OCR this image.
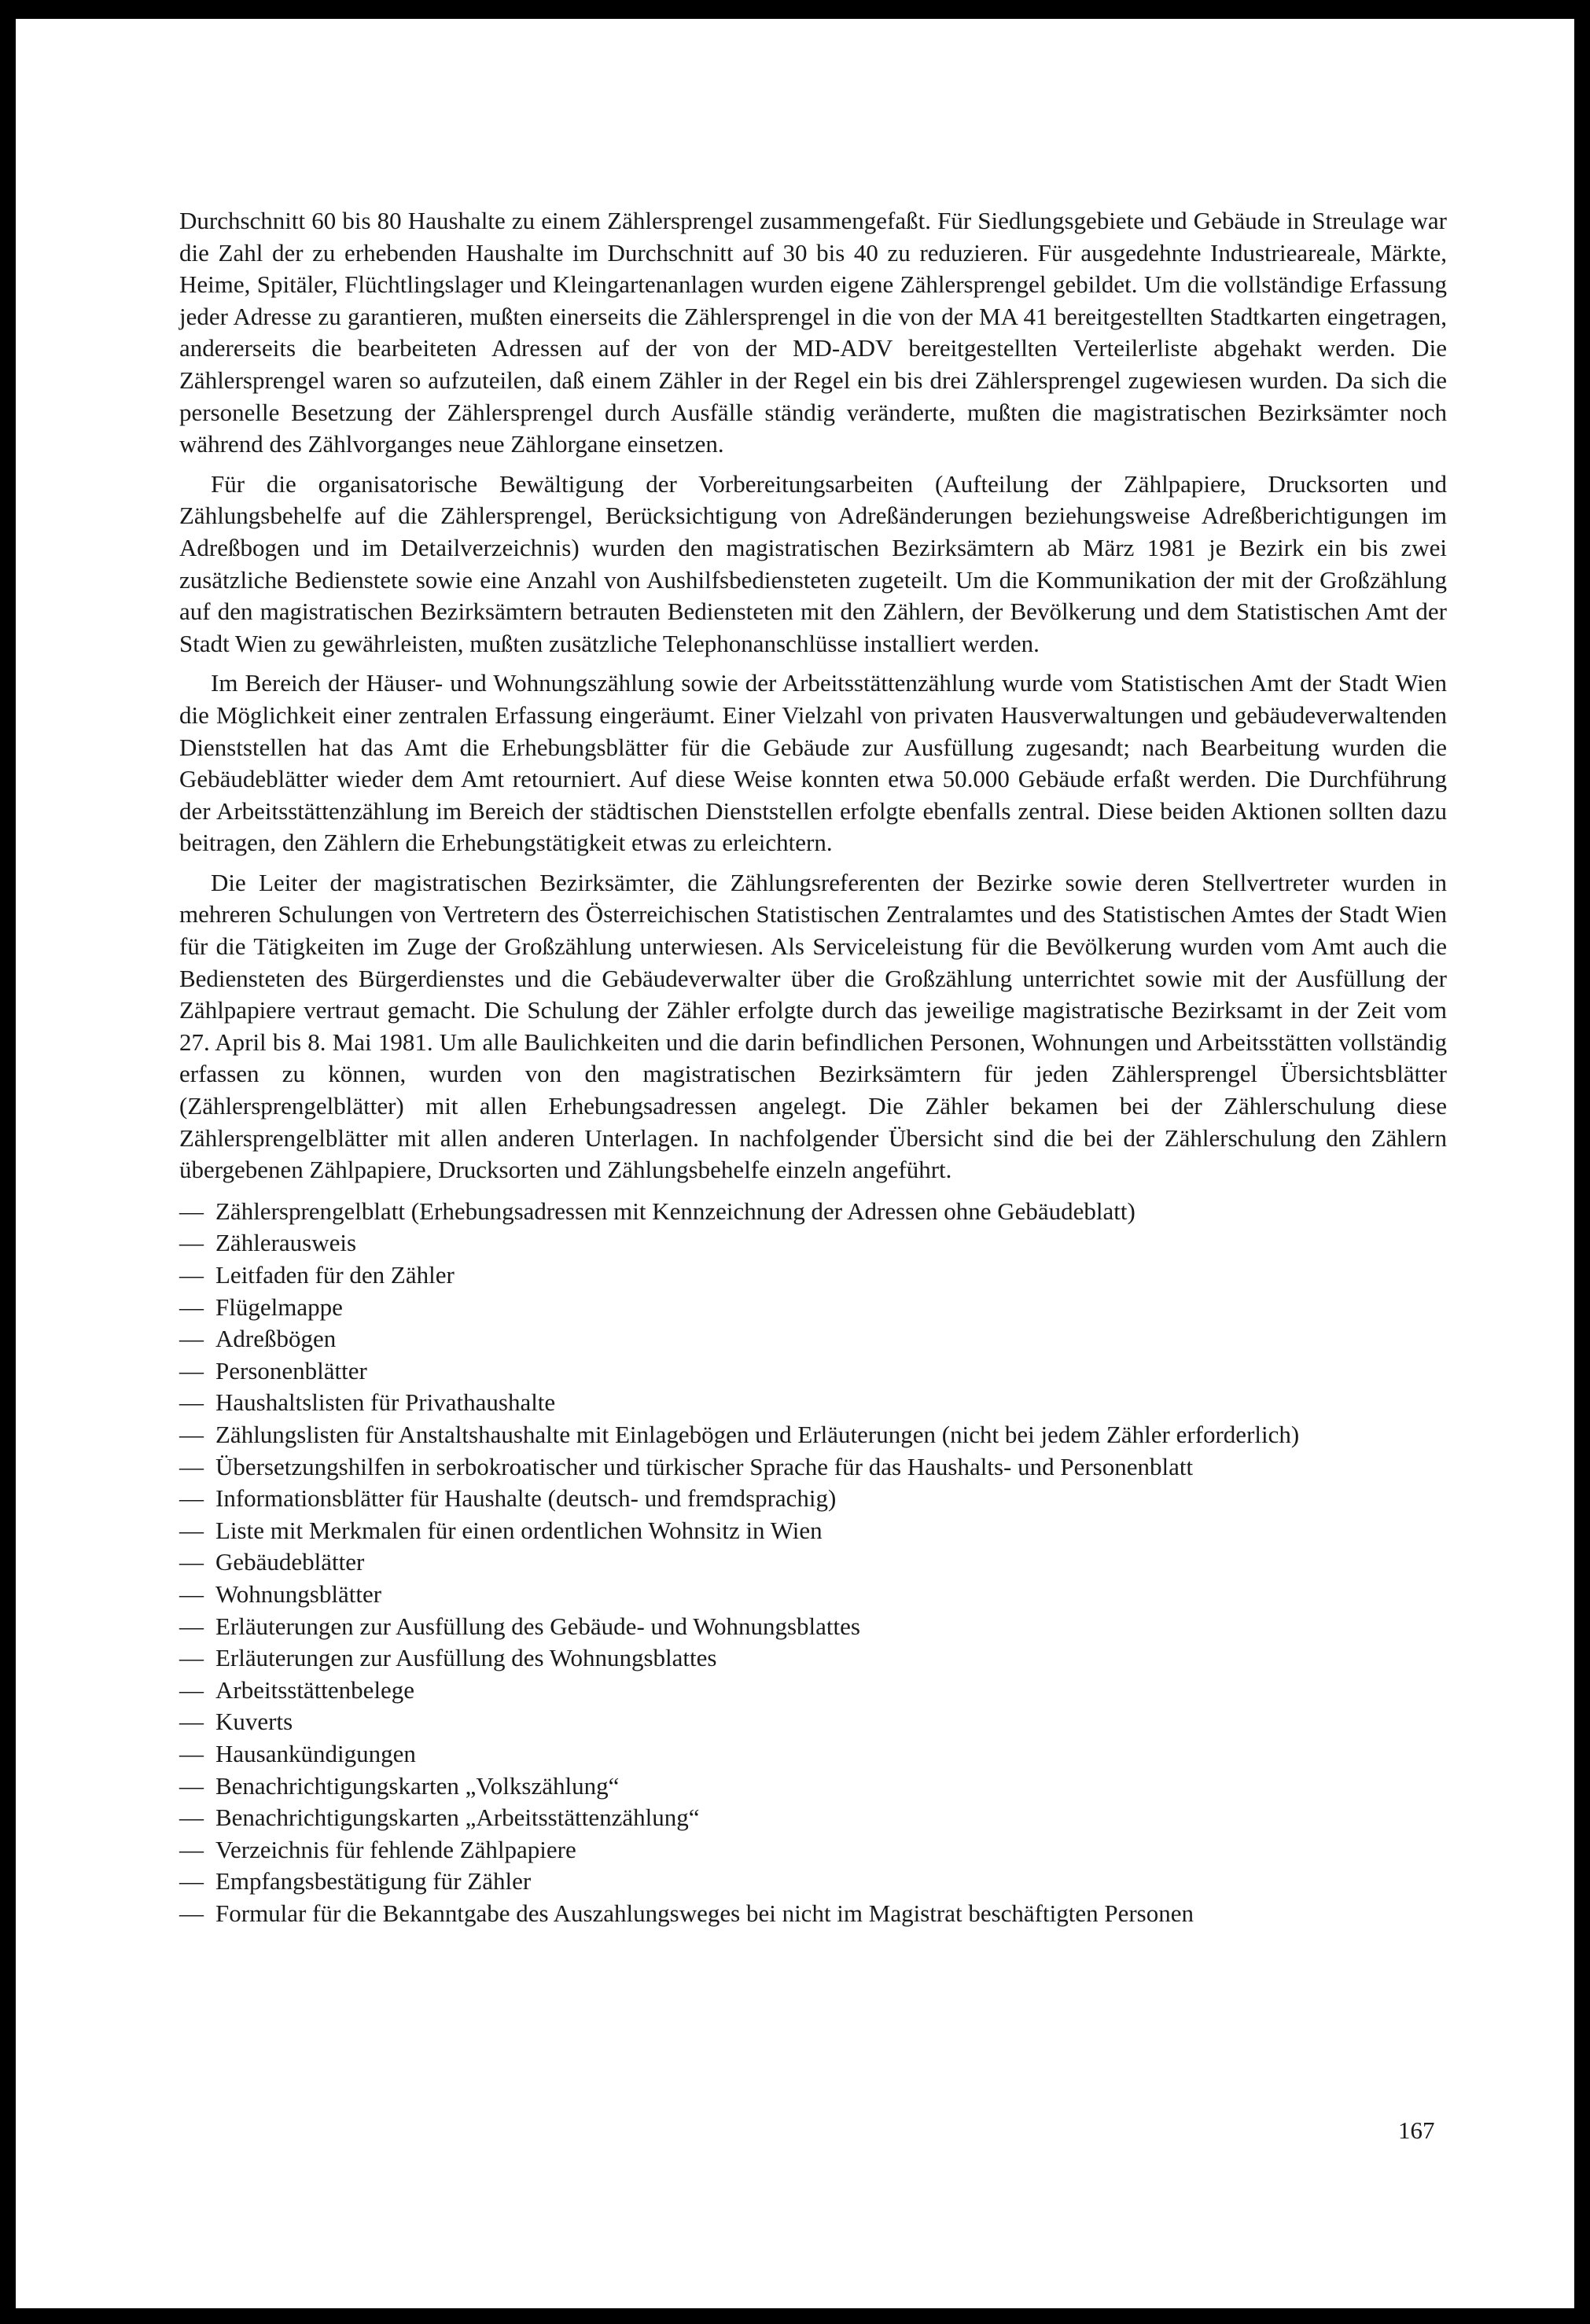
Durchschnitt 60 bis 80 Haushalte zu einem Zählersprengel zusammengefaßt. Für Siedlungsgebiete und Gebäude in Streulage war die Zahl der zu erhebenden Haushalte im Durchschnitt auf 30 bis 40 zu reduzieren. Für ausgedehnte Industrieareale, Märkte, Heime, Spitäler, Flüchtlingslager und Kleingartenanlagen wurden eigene Zählersprengel gebildet. Um die vollständige Erfassung jeder Adresse zu garantieren, mußten einerseits die Zählersprengel in die von der MA 41 bereitgestellten Stadtkarten eingetragen, andererseits die bearbeiteten Adressen auf der von der MD-ADV bereitgestellten Verteilerliste abgehakt werden. Die Zählersprengel waren so aufzuteilen, daß einem Zähler in der Regel ein bis drei Zählersprengel zugewiesen wurden. Da sich die personelle Besetzung der Zählersprengel durch Ausfälle ständig veränderte, mußten die magistratischen Bezirksämter noch während des Zählvorganges neue Zählorgane einsetzen.

Für die organisatorische Bewältigung der Vorbereitungsarbeiten (Aufteilung der Zählpapiere, Drucksorten und Zählungsbehelfe auf die Zählersprengel, Berücksichtigung von Adreßänderungen beziehungsweise Adreßberichtigungen im Adreßbogen und im Detailverzeichnis) wurden den magistratischen Bezirksämtern ab März 1981 je Bezirk ein bis zwei zusätzliche Bedienstete sowie eine Anzahl von Aushilfsbediensteten zugeteilt. Um die Kommunikation der mit der Großzählung auf den magistratischen Bezirksämtern betrauten Bediensteten mit den Zählern, der Bevölkerung und dem Statistischen Amt der Stadt Wien zu gewährleisten, mußten zusätzliche Telephonanschlüsse installiert werden.

Im Bereich der Häuser- und Wohnungszählung sowie der Arbeitsstättenzählung wurde vom Statistischen Amt der Stadt Wien die Möglichkeit einer zentralen Erfassung eingeräumt. Einer Vielzahl von privaten Hausverwaltungen und gebäudeverwaltenden Dienststellen hat das Amt die Erhebungsblätter für die Gebäude zur Ausfüllung zugesandt; nach Bearbeitung wurden die Gebäudeblätter wieder dem Amt retourniert. Auf diese Weise konnten etwa 50.000 Gebäude erfaßt werden. Die Durchführung der Arbeitsstättenzählung im Bereich der städtischen Dienststellen erfolgte ebenfalls zentral. Diese beiden Aktionen sollten dazu beitragen, den Zählern die Erhebungstätigkeit etwas zu erleichtern.

Die Leiter der magistratischen Bezirksämter, die Zählungsreferenten der Bezirke sowie deren Stellvertreter wurden in mehreren Schulungen von Vertretern des Österreichischen Statistischen Zentralamtes und des Statistischen Amtes der Stadt Wien für die Tätigkeiten im Zuge der Großzählung unterwiesen. Als Serviceleistung für die Bevölkerung wurden vom Amt auch die Bediensteten des Bürgerdienstes und die Gebäudeverwalter über die Großzählung unterrichtet sowie mit der Ausfüllung der Zählpapiere vertraut gemacht. Die Schulung der Zähler erfolgte durch das jeweilige magistratische Bezirksamt in der Zeit vom 27. April bis 8. Mai 1981. Um alle Baulichkeiten und die darin befindlichen Personen, Wohnungen und Arbeitsstätten vollständig erfassen zu können, wurden von den magistratischen Bezirksämtern für jeden Zählersprengel Übersichtsblätter (Zählersprengelblätter) mit allen Erhebungsadressen angelegt. Die Zähler bekamen bei der Zählerschulung diese Zählersprengelblätter mit allen anderen Unterlagen. In nachfolgender Übersicht sind die bei der Zählerschulung den Zählern übergebenen Zählpapiere, Drucksorten und Zählungsbehelfe einzeln angeführt.

— Zählersprengelblatt (Erhebungsadressen mit Kennzeichnung der Adressen ohne Gebäudeblatt)
— Zählerausweis
— Leitfaden für den Zähler
— Flügelmappe
— Adreßbögen
— Personenblätter
— Haushaltslisten für Privathaushalte
— Zählungslisten für Anstaltshaushalte mit Einlagebögen und Erläuterungen (nicht bei jedem Zähler erforderlich)
— Übersetzungshilfen in serbokroatischer und türkischer Sprache für das Haushalts- und Personenblatt
— Informationsblätter für Haushalte (deutsch- und fremdsprachig)
— Liste mit Merkmalen für einen ordentlichen Wohnsitz in Wien
— Gebäudeblätter
— Wohnungsblätter
— Erläuterungen zur Ausfüllung des Gebäude- und Wohnungsblattes
— Erläuterungen zur Ausfüllung des Wohnungsblattes
— Arbeitsstättenbelege
— Kuverts
— Hausankündigungen
— Benachrichtigungskarten „Volkszählung“
— Benachrichtigungskarten „Arbeitsstättenzählung“
— Verzeichnis für fehlende Zählpapiere
— Empfangsbestätigung für Zähler
— Formular für die Bekanntgabe des Auszahlungsweges bei nicht im Magistrat beschäftigten Personen
167
